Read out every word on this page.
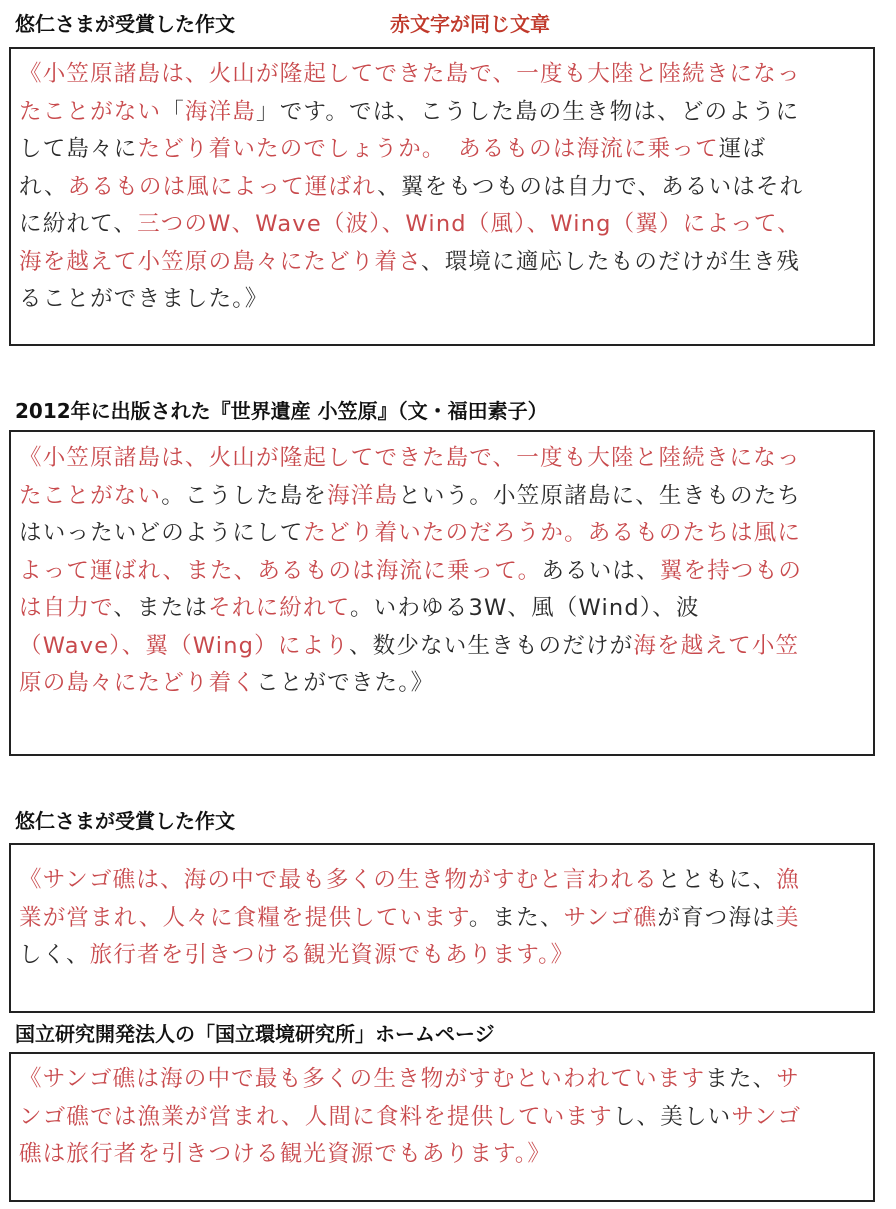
悠仁さまが受賞した作文	赤文字が同じ文章
《小笠原諸島は、火山が隆起してできた島で、一度も大陸と陸続きになっ
たことがない「海洋島」です。では、こうした島の生き物は、どのように
して島々にたどり着いたのでしょうか。　 あるものは海流に乗って運ば
れ、あるものは風によって運ばれ、翼をもつものは自力で、あるいはそれ
に紛れて、三つのW、Wave（波）、Wind（風）、Wing（翼）によって、
海を越えて小笠原の島々にたどり着さ、環境に適応したものだけが生き残
ることができました。》
2012年に出版された『世界遺産 小笠原』（文・福田素子）
《小笠原諸島は、火山が隆起してできた島で、一度も大陸と陸続きになっ
たことがない。こうした島を海洋島という。小笠原諸島に、生きものたち
はいったいどのようにしてたどり着いたのだろうか。あるものたちは風に
よって運ばれ、また、あるものは海流に乗って。あるいは、翼を持つもの
は自力で、またはそれに紛れて。いわゆる3W、風（Wind）、波
（Wave）、翼（Wing）により、数少ない生きものだけが海を越えて小笠
原の島々にたどり着くことができた。》
悠仁さまが受賞した作文
《サンゴ礁は、海の中で最も多くの生き物がすむと言われるとともに、漁
業が営まれ、人々に食糧を提供しています。また、サンゴ礁が育つ海は美
しく、旅行者を引きつける観光資源でもあります。》
国立研究開発法人の「国立環境研究所」ホームページ
《サンゴ礁は海の中で最も多くの生き物がすむといわれていますまた、サ
ンゴ礁では漁業が営まれ、人間に食料を提供していますし、美しいサンゴ
礁は旅行者を引きつける観光資源でもあります。》
